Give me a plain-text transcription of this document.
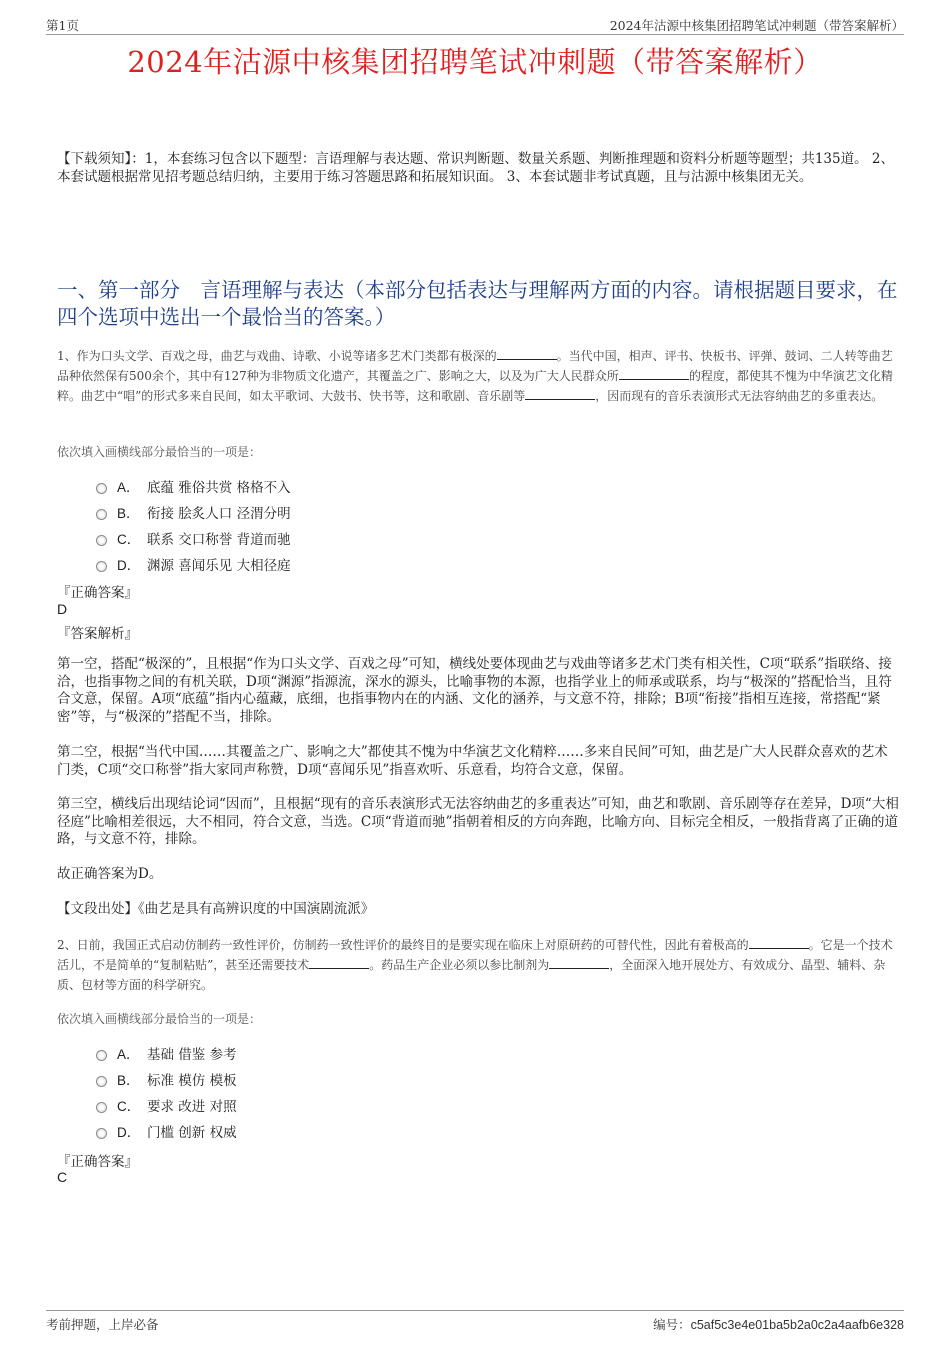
第1页	2024年沽源中核集团招聘笔试冲刺题（带答案解析）
2024年沽源中核集团招聘笔试冲刺题（带答案解析）
【下载须知】：1，本套练习包含以下题型：言语理解与表达题、常识判断题、数量关系题、判断推理题和资料分析题等题型；共135道。 2、本套试题根据常见招考题总结归纳，主要用于练习答题思路和拓展知识面。 3、本套试题非考试真题，且与沽源中核集团无关。
一、第一部分　言语理解与表达（本部分包括表达与理解两方面的内容。请根据题目要求，在四个选项中选出一个最恰当的答案。）
1、作为口头文学、百戏之母，曲艺与戏曲、诗歌、小说等诸多艺术门类都有极深的	。当代中国，相声、评书、快板书、评弹、鼓词、二人转等曲艺品种依然保有500余个，其中有127种为非物质文化遗产，其覆盖之广、影响之大，以及为广大人民群众所	的程度，都使其不愧为中华演艺文化精粹。曲艺中“唱”的形式多来自民间，如太平歌词、大鼓书、快书等，这和歌剧、音乐剧等	，因而现有的音乐表演形式无法容纳曲艺的多重表达。
依次填入画横线部分最恰当的一项是：
A． 底蕴 雅俗共赏 格格不入
B． 衔接 脍炙人口 泾渭分明
C． 联系 交口称誉 背道而驰
D． 渊源 喜闻乐见 大相径庭
『正确答案』
D
『答案解析』

第一空，搭配“极深的”，且根据“作为口头文学、百戏之母”可知，横线处要体现曲艺与戏曲等诸多艺术门类有相关性，C项“联系”指联络、接洽，也指事物之间的有机关联，D项“渊源”指源流，深水的源头，比喻事物的本源，也指学业上的师承或联系，均与“极深的”搭配恰当，且符合文意，保留。A项“底蕴”指内心蕴藏，底细，也指事物内在的内涵、文化的涵养，与文意不符，排除；B项“衔接”指相互连接，常搭配“紧密”等，与“极深的”搭配不当，排除。

第二空，根据“当代中国……其覆盖之广、影响之大”都使其不愧为中华演艺文化精粹……多来自民间”可知，曲艺是广大人民群众喜欢的艺术门类，C项“交口称誉”指大家同声称赞，D项“喜闻乐见”指喜欢听、乐意看，均符合文意，保留。

第三空，横线后出现结论词“因而”，且根据“现有的音乐表演形式无法容纳曲艺的多重表达”可知，曲艺和歌剧、音乐剧等存在差异，D项“大相径庭”比喻相差很远，大不相同，符合文意，当选。C项“背道而驰”指朝着相反的方向奔跑，比喻方向、目标完全相反，一般指背离了正确的道路，与文意不符，排除。

故正确答案为D。

【文段出处】《曲艺是具有高辨识度的中国演剧流派》

2、日前，我国正式启动仿制药一致性评价，仿制药一致性评价的最终目的是要实现在临床上对原研药的可替代性，因此有着极高的	。它是一个技术活儿，不是简单的“复制粘贴”，甚至还需要技术	。药品生产企业必须以参比制剂为	，全面深入地开展处方、有效成分、晶型、辅料、杂质、包材等方面的科学研究。
依次填入画横线部分最恰当的一项是：
A． 基础 借鉴 参考
B． 标准 模仿 模板
C． 要求 改进 对照
D． 门槛 创新 权威
『正确答案』
C
考前押题，上岸必备	编号：c5af5c3e4e01ba5b2a0c2a4aafb6e328
